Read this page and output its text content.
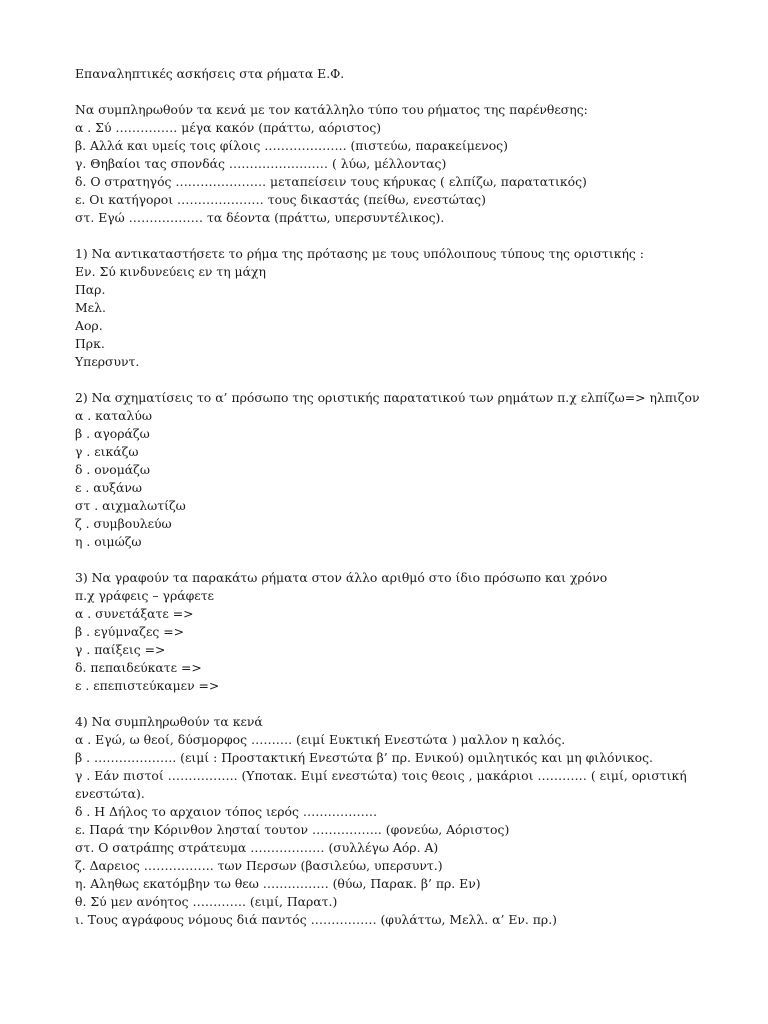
Επαναληπτικές ασκήσεις στα ρήματα Ε.Φ.

Να συμπληρωθούν τα κενά με τον κατάλληλο τύπο του ρήματος της παρένθεσης:

α . Σύ …………… μέγα κακόν (πράττω, αόριστος)

β. Αλλά και υμείς τοις φίλοις ……………….. (πιστεύω, παρακείμενος)

γ. Θηβαίοι τας σπονδάς …………………… ( λύω, μέλλοντας)

δ. Ο στρατηγός …………………. μεταπείσειν τους κήρυκας ( ελπίζω, παρατατικός)

ε. Οι κατήγοροι ………………… τους δικαστάς (πείθω, ενεστώτας)

στ. Εγώ ……………… τα δέοντα (πράττω, υπερσυντέλικος).

1) Να αντικαταστήσετε το ρήμα της πρότασης με τους υπόλοιπους τύπους της οριστικής :

Εν. Σύ κινδυνεύεις εν τη μάχη

Παρ.

Μελ.

Αορ.

Πρκ.

Υπερσυντ.

2) Να σχηματίσεις το α’ πρόσωπο της οριστικής παρατατικού των ρημάτων π.χ ελπίζω=> ηλπιζον

α . καταλύω

β . αγοράζω

γ . εικάζω

δ . ονομάζω

ε . αυξάνω

στ . αιχμαλωτίζω

ζ . συμβουλεύω

η . οιμώζω

3) Να γραφούν τα παρακάτω ρήματα στον άλλο αριθμό στο ίδιο πρόσωπο και χρόνο

π.χ γράφεις – γράφετε

α . συνετάξατε =>

β . εγύμναζες =>

γ . παίξεις =>

δ. πεπαιδεύκατε =>

ε . επεπιστεύκαμεν =>

4) Να συμπληρωθούν τα κενά

α . Εγώ, ω θεοί, δύσμορφος ………. (ειμί Ευκτική Ενεστώτα ) μαλλον η καλός.

β . ……………….. (ειμί : Προστακτική Ενεστώτα β’ πρ. Ενικού) ομιλητικός και μη φιλόνικος.

γ . Εάν πιστοί …………….. (Υποτακ. Ειμί ενεστώτα) τοις θεοις , μακάριοι ………… ( ειμί, οριστική ενεστώτα).

δ . Η Δήλος το αρχαιον τόπος ιερός ………………

ε. Παρά την Κόρινθον λησταί τουτον …………….. (φονεύω, Αόριστος)

στ. Ο σατράπης στράτευμα ……………… (συλλέγω Αόρ. Α)

ζ. Δαρειος …………….. των Περσων (βασιλεύω, υπερσυντ.)

η. Αληθως εκατόμβην τω θεω ……………. (θύω, Παρακ. β’ πρ. Εν)

θ. Σύ μεν ανόητος …………. (ειμί, Παρατ.)

ι. Τους αγράφους νόμους διά παντός ……………. (φυλάττω, Μελλ. α’ Εν. πρ.)
